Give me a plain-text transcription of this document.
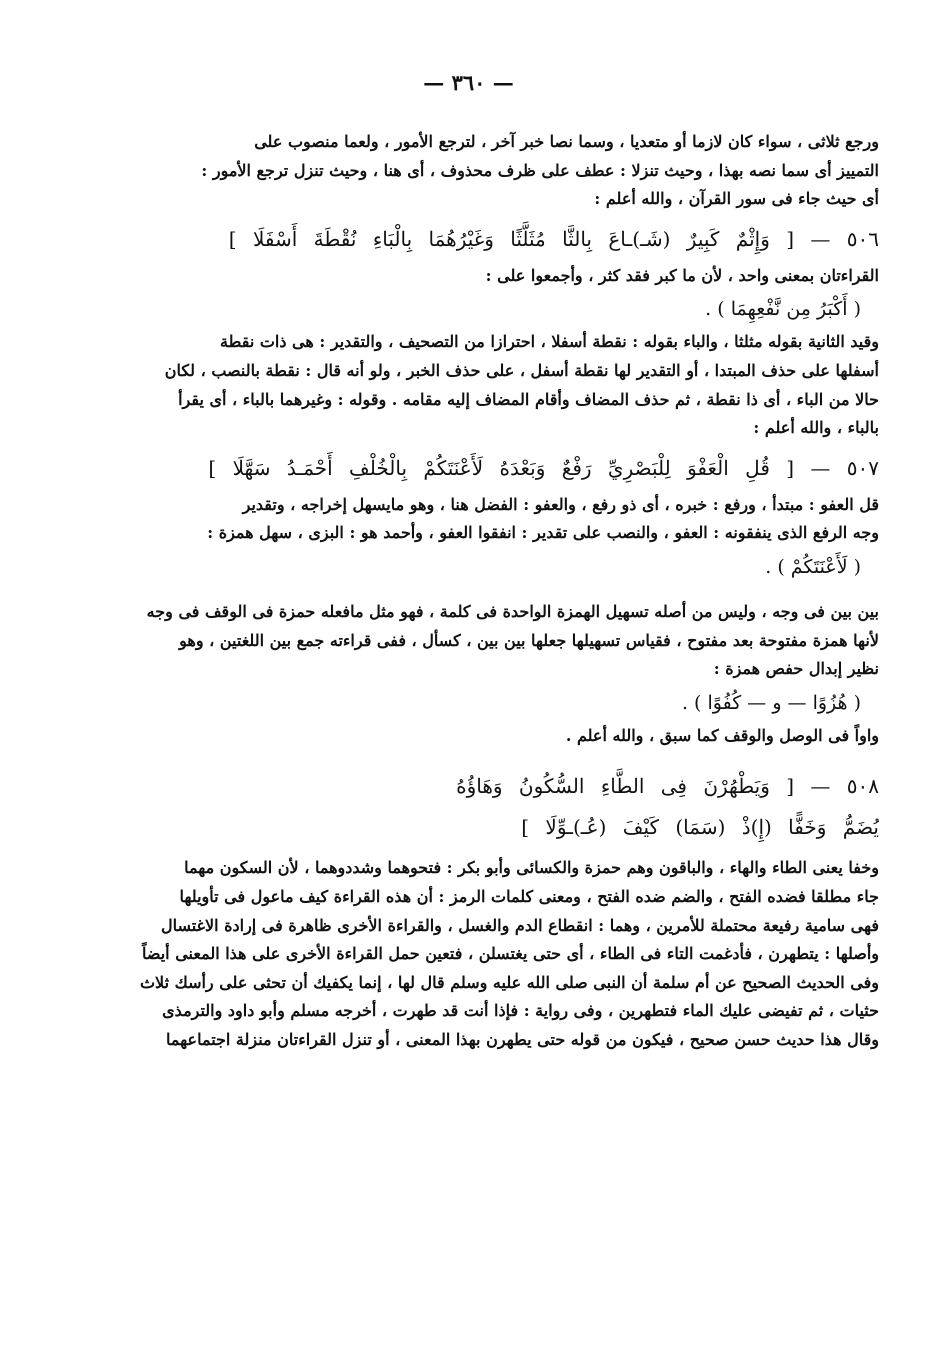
— ٣٦٠ —

ورجع ثلاثى ، سواء كان لازما أو متعديا ، وسما نصا خبر آخر ، لترجع الأمور ، ولعما منصوب على

التمييز أى سما نصه بهذا ، وحيث تنزلا : عطف على ظرف محذوف ، أى هنا ، وحيث تنزل ترجع الأمور :

أى حيث جاء فى سور القرآن ، والله أعلم :

٥٠٦ — [ وَإِثْمٌ كَبِيرٌ (شَـ)ـاعَ بِالثَّا مُثَلَّثًا وَغَيْرُهُمَا بِالْبَاءِ نُقْطَةَ أَسْفَلَا ]

القراءتان بمعنى واحد ، لأن ما كبر فقد كثر ، وأجمعوا على :

( أَكْبَرُ مِن نَّفْعِهِمَا ) .

وقيد الثانية بقوله مثلثا ، والباء بقوله : نقطة أسفلا ، احترازا من التصحيف ، والتقدير : هى ذات نقطة

أسفلها على حذف المبتدا ، أو التقدير لها نقطة أسفل ، على حذف الخبر ، ولو أنه قال : نقطة بالنصب ، لكان

حالا من الباء ، أى ذا نقطة ، ثم حذف المضاف وأقام المضاف إليه مقامه . وقوله : وغيرهما بالباء ، أى يقرأ

بالباء ، والله أعلم :

٥٠٧ — [ قُلِ الْعَفْوَ لِلْبَصْرِيِّ رَفْعٌ وَبَعْدَهُ لَأَعْنَتَكُمْ بِالْخُلْفِ أَحْمَـدُ سَهَّلَا ]

قل العفو : مبتدأ ، ورفع : خبره ، أى ذو رفع ، والعفو : الفضل هنا ، وهو مايسهل إخراجه ، وتقدير

وجه الرفع الذى ينفقونه : العفو ، والنصب على تقدير : انفقوا العفو ، وأحمد هو : البزى ، سهل همزة :

( لَأَعْنَتَكُمْ ) .

بين بين فى وجه ، وليس من أصله تسهيل الهمزة الواحدة فى كلمة ، فهو مثل مافعله حمزة فى الوقف فى وجه

لأنها همزة مفتوحة بعد مفتوح ، فقياس تسهيلها جعلها بين بين ، كسأل ، ففى قراءته جمع بين اللغتين ، وهو

نظير إبدال حفص همزة :

( هُزُوًا — و — كُفُوًا ) .

واواً فى الوصل والوقف كما سبق ، والله أعلم .

٥٠٨ — [ وَيَطْهُرْنَ فِى الطَّاءِ السُّكُونُ وَهَاؤُهُ

يُضَمُّ وَخَفًّا (إِ)ذْ (سَمَا) كَيْفَ (عُـ)ـوِّلَا ]

وخفا يعنى الطاء والهاء ، والباقون وهم حمزة والكسائى وأبو بكر : فتحوهما وشددوهما ، لأن السكون مهما

جاء مطلقا فضده الفتح ، والضم ضده الفتح ، ومعنى كلمات الرمز : أن هذه القراءة كيف ماعول فى تأويلها

فهى سامية رفيعة محتملة للأمرين ، وهما : انقطاع الدم والغسل ، والقراءة الأخرى ظاهرة فى إرادة الاغتسال

وأصلها : يتطهرن ، فأدغمت التاء فى الطاء ، أى حتى يغتسلن ، فتعين حمل القراءة الأخرى على هذا المعنى أيضاً

وفى الحديث الصحيح عن أم سلمة أن النبى صلى الله عليه وسلم قال لها ، إنما يكفيك أن تحثى على رأسك ثلاث

حثيات ، ثم تفيضى عليك الماء فتطهرين ، وفى رواية : فإذا أنت قد طهرت ، أخرجه مسلم وأبو داود والترمذى

وقال هذا حديث حسن صحيح ، فيكون من قوله حتى يطهرن بهذا المعنى ، أو تنزل القراءتان منزلة اجتماعهما
